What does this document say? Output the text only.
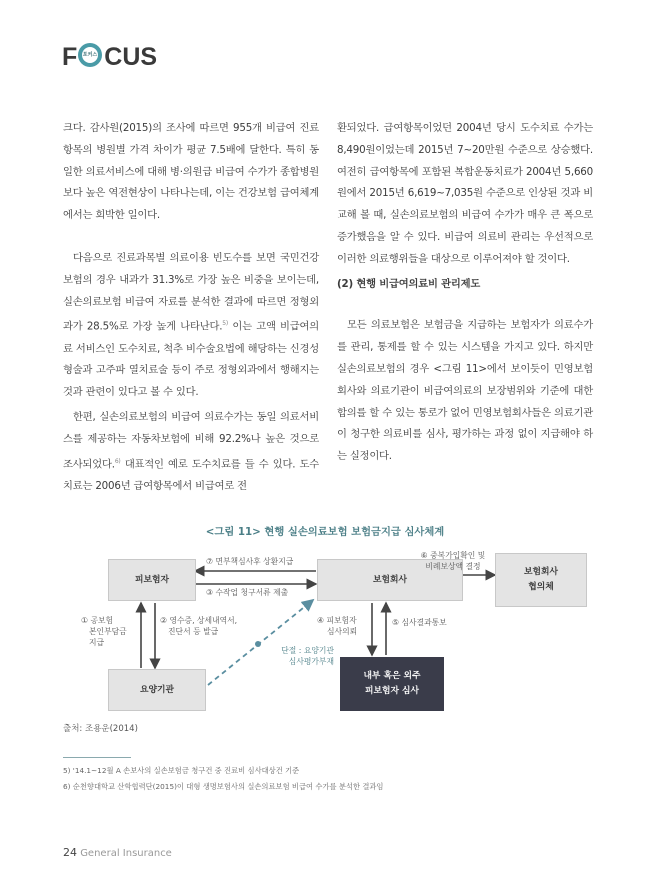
F CUS
포커스

크다. 감사원(2015)의 조사에 따르면 955개 비급여 진료항목의 병원별 가격 차이가 평균 7.5배에 달한다. 특히 동일한 의료서비스에 대해 병·의원급 비급여 수가가 종합병원보다 높은 역전현상이 나타나는데, 이는 건강보험 급여체계에서는 희박한 일이다.

다음으로 진료과목별 의료이용 빈도수를 보면 국민건강보험의 경우 내과가 31.3%로 가장 높은 비중을 보이는데, 실손의료보험 비급여 자료를 분석한 결과에 따르면 정형외과가 28.5%로 가장 높게 나타난다.$^{5)}$ 이는 고액 비급여의료 서비스인 도수치료, 척추 비수술요법에 해당하는 신경성형술과 고주파 열치료술 등이 주로 정형외과에서 행해지는 것과 관련이 있다고 볼 수 있다.

한편, 실손의료보험의 비급여 의료수가는 동일 의료서비스를 제공하는 자동차보험에 비해 92.2%나 높은 것으로 조사되었다.$^{6)}$ 대표적인 예로 도수치료를 들 수 있다. 도수치료는 2006년 급여항목에서 비급여로 전

환되었다. 급여항목이었던 2004년 당시 도수치료 수가는 8,490원이었는데 2015년 7~20만원 수준으로 상승했다. 여전히 급여항목에 포함된 복합운동치료가 2004년 5,660원에서 2015년 6,619~7,035원 수준으로 인상된 것과 비교해 볼 때, 실손의료보험의 비급여 수가가 매우 큰 폭으로 증가했음을 알 수 있다. 비급여 의료비 관리는 우선적으로 이러한 의료행위들을 대상으로 이루어져야 할 것이다.

(2) 현행 비급여의료비 관리제도

모든 의료보험은 보험금을 지급하는 보험자가 의료수가를 관리, 통제를 할 수 있는 시스템을 가지고 있다. 하지만 실손의료보험의 경우 <그림 11>에서 보이듯이 민영보험회사와 의료기관이 비급여의료의 보장범위와 기준에 대한 합의를 할 수 있는 통로가 없어 민영보험회사들은 의료기관이 청구한 의료비를 심사, 평가하는 과정 없이 지급해야 하는 실정이다.

<그림 11> 현행 실손의료보험 보험금지급 심사체계
피보험자	보험회사
보험회사
협의체
요양기관
내부 혹은 외주
피보험자 심사
⑦ 면부책심사후 상환지급
③ 수작업 청구서류 제출
⑥ 중복가입확인 및
비례보상액 결정
① 공보험
본인부담금
지급
② 영수증, 상세내역서,
진단서 등 발급
④ 피보험자
심사의뢰
⑤ 심사결과통보
단절 : 요양기관
심사평가부재
출처: 조용운(2014)
5) '14.1~12월 A 손보사의 실손보험금 청구건 중 진료비 심사대상건 기준
6) 순천향대학교 산학협력단(2015)이 대형 생명보험사의 실손의료보험 비급여 수가를 분석한 결과임
24 General Insurance
